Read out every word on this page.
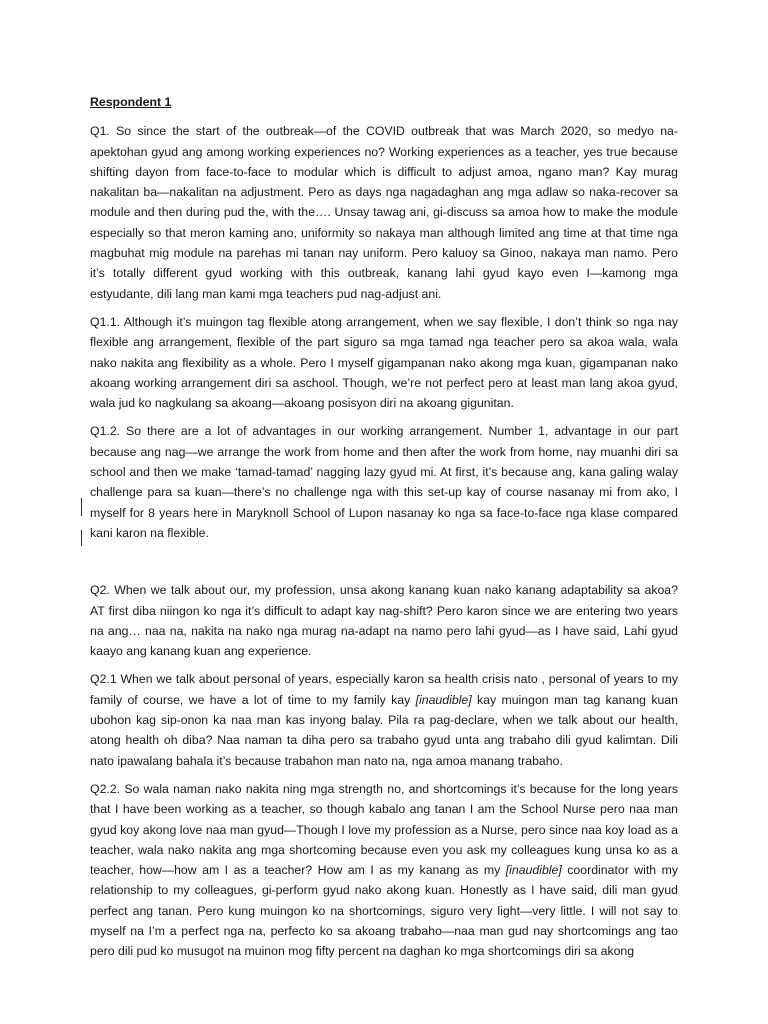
Respondent 1

Q1. So since the start of the outbreak—of the COVID outbreak that was March 2020, so medyo na-apektohan gyud ang among working experiences no? Working experiences as a teacher, yes true because shifting dayon from face-to-face to modular which is difficult to adjust amoa, ngano man? Kay murag nakalitan ba—nakalitan na adjustment. Pero as days nga nagadaghan ang mga adlaw so naka-recover sa module and then during pud the, with the…. Unsay tawag ani, gi-discuss sa amoa how to make the module especially so that meron kaming ano, uniformity so nakaya man although limited ang time at that time nga magbuhat mig module na parehas mi tanan nay uniform. Pero kaluoy sa Ginoo, nakaya man namo. Pero it’s totally different gyud working with this outbreak, kanang lahi gyud kayo even I—kamong mga estyudante, dili lang man kami mga teachers pud nag-adjust ani.

Q1.1. Although it’s muingon tag flexible atong arrangement, when we say flexible, I don’t think so nga nay flexible ang arrangement, flexible of the part siguro sa mga tamad nga teacher pero sa akoa wala, wala nako nakita ang flexibility as a whole. Pero I myself gigampanan nako akong mga kuan, gigampanan nako akoang working arrangement diri sa aschool. Though, we’re not perfect pero at least man lang akoa gyud, wala jud ko nagkulang sa akoang—akoang posisyon diri na akoang gigunitan.

Q1.2. So there are a lot of advantages in our working arrangement. Number 1, advantage in our part because ang nag—we arrange the work from home and then after the work from home, nay muanhi diri sa school and then we make ‘tamad-tamad’ nagging lazy gyud mi. At first, it’s because ang, kana galing walay challenge para sa kuan—there’s no challenge nga with this set-up kay of course nasanay mi from ako, I myself for 8 years here in Maryknoll School of Lupon nasanay ko nga sa face-to-face nga klase compared kani karon na flexible.

Q2. When we talk about our, my profession, unsa akong kanang kuan nako kanang adaptability sa akoa? AT first diba niingon ko nga it’s difficult to adapt kay nag-shift? Pero karon since we are entering two years na ang… naa na, nakita na nako nga murag na-adapt na namo pero lahi gyud—as I have said, Lahi gyud kaayo ang kanang kuan ang experience.

Q2.1 When we talk about personal of years, especially karon sa health crisis nato , personal of years to my family of course, we have a lot of time to my family kay [inaudible] kay muingon man tag kanang kuan ubohon kag sip-onon ka naa man kas inyong balay. Pila ra pag-declare, when we talk about our health, atong health oh diba? Naa naman ta diha pero sa trabaho gyud unta ang trabaho dili gyud kalimtan. Dili nato ipawalang bahala it’s because trabahon man nato na, nga amoa manang trabaho.

Q2.2. So wala naman nako nakita ning mga strength no, and shortcomings it’s because for the long years that I have been working as a teacher, so though kabalo ang tanan I am the School Nurse pero naa man gyud koy akong love naa man gyud—Though I love my profession as a Nurse, pero since naa koy load as a teacher, wala nako nakita ang mga shortcoming because even you ask my colleagues kung unsa ko as a teacher, how—how am I as a teacher? How am I as my kanang as my [inaudible] coordinator with my relationship to my colleagues, gi-perform gyud nako akong kuan. Honestly as I have said, dili man gyud perfect ang tanan. Pero kung muingon ko na shortcomings, siguro very light—very little. I will not say to myself na I’m a perfect nga na, perfecto ko sa akoang trabaho—naa man gud nay shortcomings ang tao pero dili pud ko musugot na muinon mog fifty percent na daghan ko mga shortcomings diri sa akong
